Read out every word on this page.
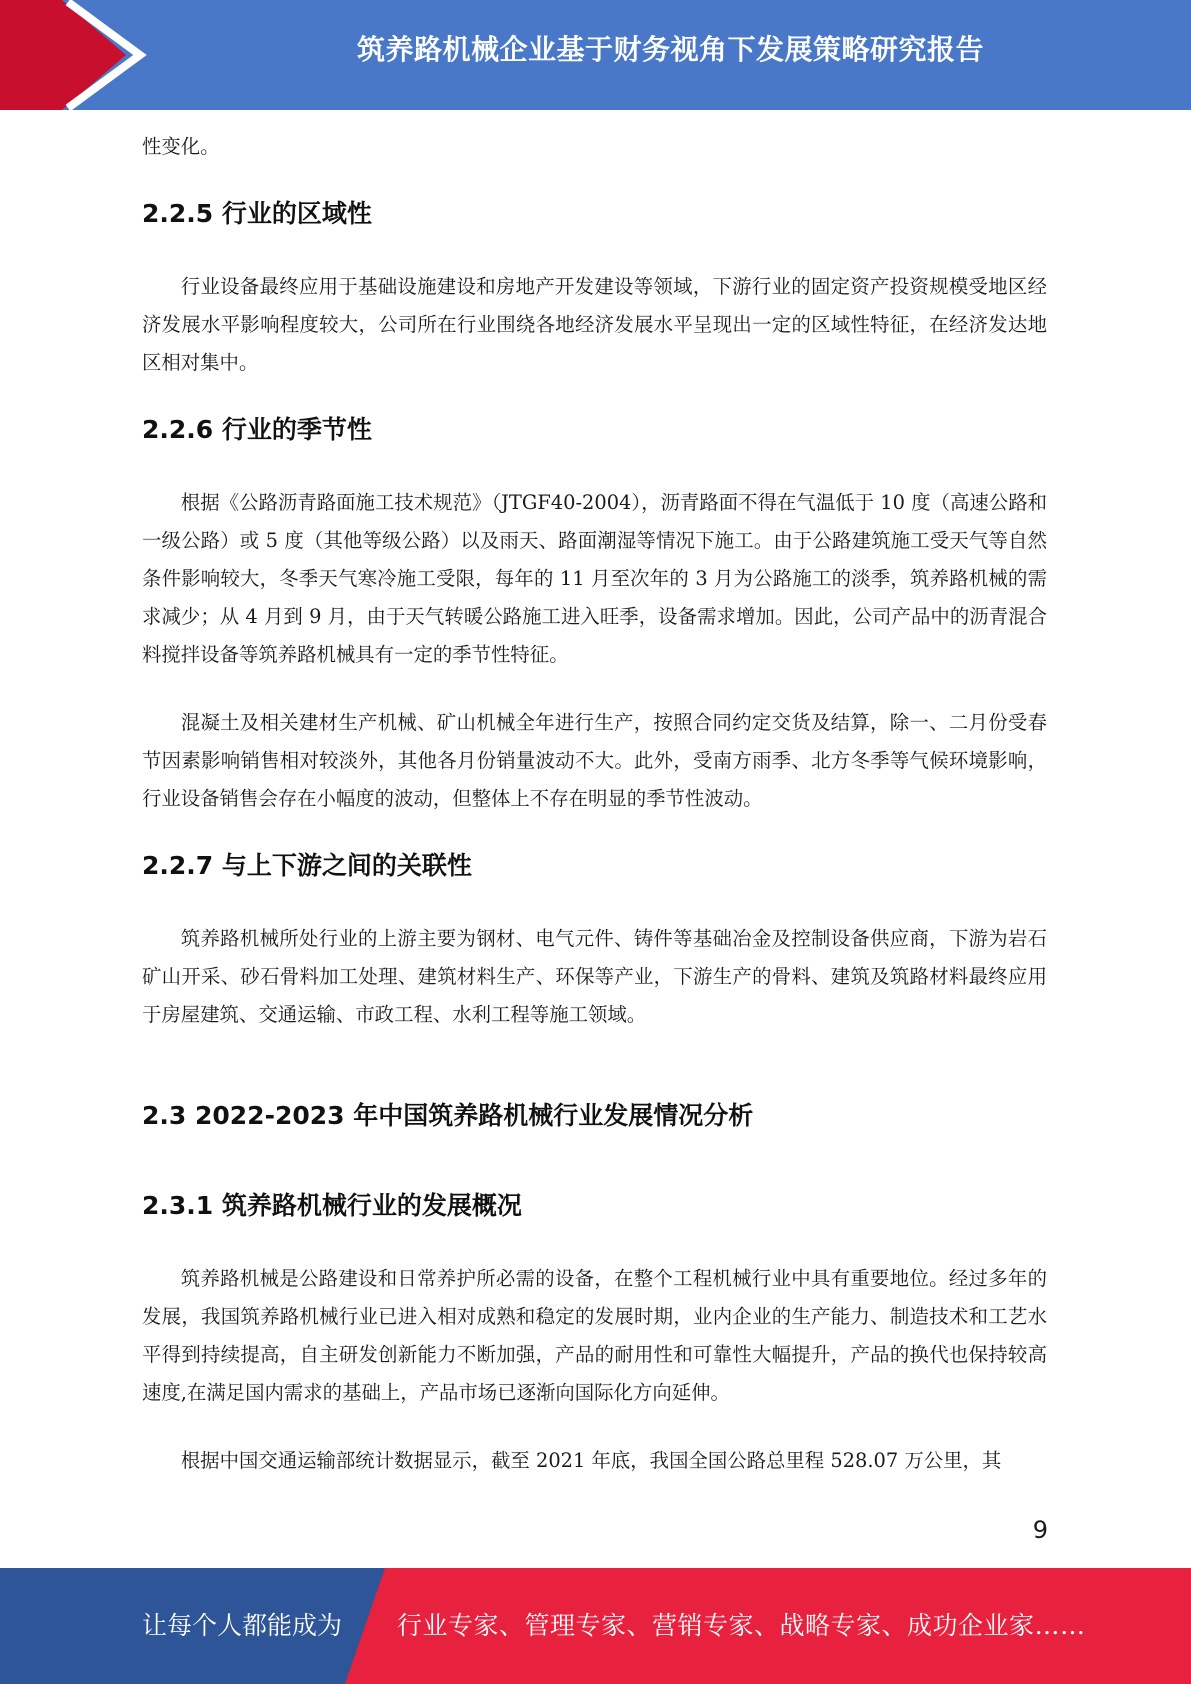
筑养路机械企业基于财务视角下发展策略研究报告

性变化。

2.2.5 行业的区域性

行业设备最终应用于基础设施建设和房地产开发建设等领域，下游行业的固定资产投资规模受地区经济发展水平影响程度较大，公司所在行业围绕各地经济发展水平呈现出一定的区域性特征，在经济发达地区相对集中。

2.2.6 行业的季节性

根据《公路沥青路面施工技术规范》（JTGF40-2004），沥青路面不得在气温低于 10 度（高速公路和一级公路）或 5 度（其他等级公路）以及雨天、路面潮湿等情况下施工。由于公路建筑施工受天气等自然条件影响较大，冬季天气寒冷施工受限，每年的 11 月至次年的 3 月为公路施工的淡季，筑养路机械的需求减少；从 4 月到 9 月，由于天气转暖公路施工进入旺季，设备需求增加。因此，公司产品中的沥青混合料搅拌设备等筑养路机械具有一定的季节性特征。

混凝土及相关建材生产机械、矿山机械全年进行生产，按照合同约定交货及结算，除一、二月份受春节因素影响销售相对较淡外，其他各月份销量波动不大。此外，受南方雨季、北方冬季等气候环境影响，行业设备销售会存在小幅度的波动，但整体上不存在明显的季节性波动。

2.2.7 与上下游之间的关联性

筑养路机械所处行业的上游主要为钢材、电气元件、铸件等基础冶金及控制设备供应商，下游为岩石矿山开采、砂石骨料加工处理、建筑材料生产、环保等产业，下游生产的骨料、建筑及筑路材料最终应用于房屋建筑、交通运输、市政工程、水利工程等施工领域。

2.3 2022-2023 年中国筑养路机械行业发展情况分析
2.3.1 筑养路机械行业的发展概况

筑养路机械是公路建设和日常养护所必需的设备，在整个工程机械行业中具有重要地位。经过多年的发展，我国筑养路机械行业已进入相对成熟和稳定的发展时期，业内企业的生产能力、制造技术和工艺水平得到持续提高，自主研发创新能力不断加强，产品的耐用性和可靠性大幅提升，产品的换代也保持较高速度,在满足国内需求的基础上，产品市场已逐渐向国际化方向延伸。

根据中国交通运输部统计数据显示，截至 2021 年底，我国全国公路总里程 528.07 万公里，其

9
让每个人都能成为 行业专家、管理专家、营销专家、战略专家、成功企业家……
